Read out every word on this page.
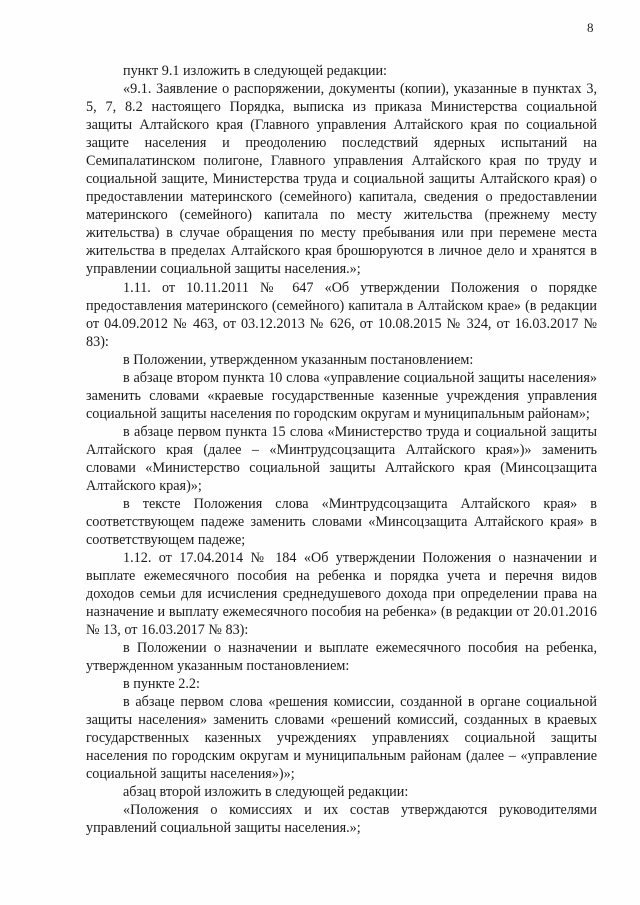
8

пункт 9.1 изложить в следующей редакции:

«9.1. Заявление о распоряжении, документы (копии), указанные в пунктах 3, 5, 7, 8.2 настоящего Порядка, выписка из приказа Министерства социальной защиты Алтайского края (Главного управления Алтайского края по социальной защите населения и преодолению последствий ядерных испытаний на Семипалатинском полигоне, Главного управления Алтайского края по труду и социальной защите, Министерства труда и социальной защиты Алтайского края) о предоставлении материнского (семейного) капитала, сведения о предоставлении материнского (семейного) капитала по месту жительства (прежнему месту жительства) в случае обращения по месту пребывания или при перемене места жительства в пределах Алтайского края брошюруются в личное дело и хранятся в управлении социальной защиты населения.»;

1.11. от 10.11.2011 № 647 «Об утверждении Положения о порядке предоставления материнского (семейного) капитала в Алтайском крае» (в редакции от 04.09.2012 № 463, от 03.12.2013 № 626, от 10.08.2015 № 324, от 16.03.2017 № 83):

в Положении, утвержденном указанным постановлением:

в абзаце втором пункта 10 слова «управление социальной защиты населения» заменить словами «краевые государственные казенные учреждения управления социальной защиты населения по городским округам и муниципальным районам»;

в абзаце первом пункта 15 слова «Министерство труда и социальной защиты Алтайского края (далее – «Минтрудсоцзащита Алтайского края»)» заменить словами «Министерство социальной защиты Алтайского края (Минсоцзащита Алтайского края)»;

в тексте Положения слова «Минтрудсоцзащита Алтайского края» в соответствующем падеже заменить словами «Минсоцзащита Алтайского края» в соответствующем падеже;

1.12. от 17.04.2014 № 184 «Об утверждении Положения о назначении и выплате ежемесячного пособия на ребенка и порядка учета и перечня видов доходов семьи для исчисления среднедушевого дохода при определении права на назначение и выплату ежемесячного пособия на ребенка» (в редакции от 20.01.2016 № 13, от 16.03.2017 № 83):

в Положении о назначении и выплате ежемесячного пособия на ребенка, утвержденном указанным постановлением:

в пункте 2.2:

в абзаце первом слова «решения комиссии, созданной в органе социальной защиты населения» заменить словами «решений комиссий, созданных в краевых государственных казенных учреждениях управлениях социальной защиты населения по городским округам и муниципальным районам (далее – «управление социальной защиты населения»)»;

абзац второй изложить в следующей редакции:

«Положения о комиссиях и их состав утверждаются руководителями управлений социальной защиты населения.»;
